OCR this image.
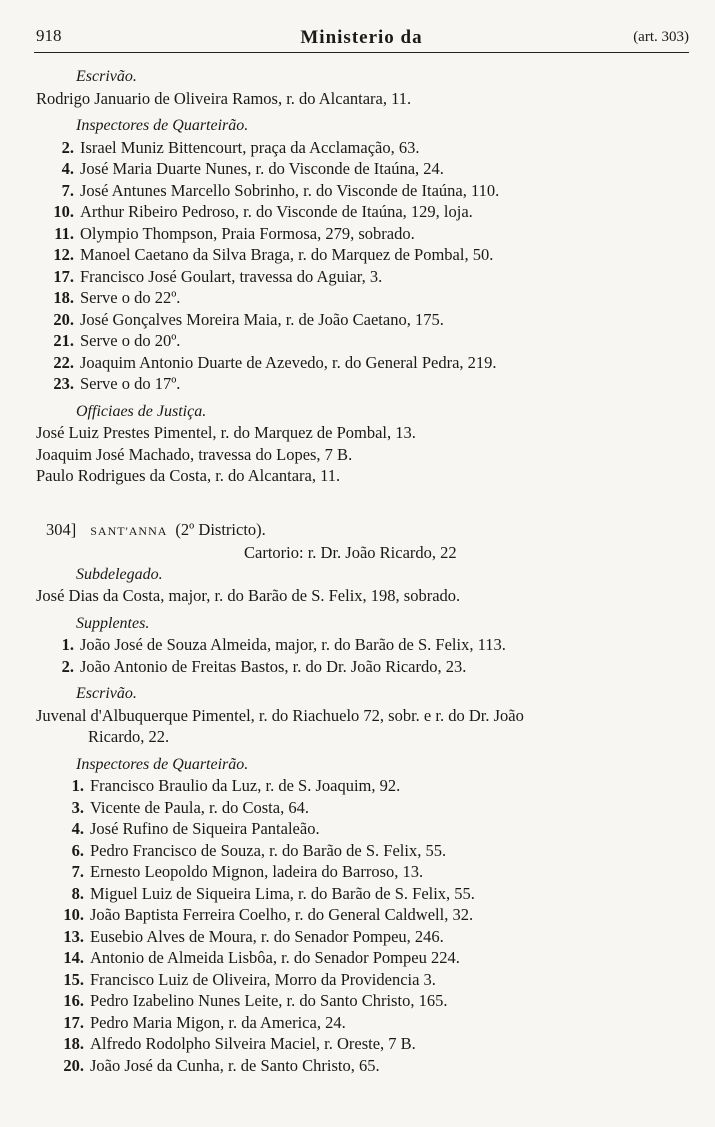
918	Ministerio da	(art. 303)
Escrivão.
Rodrigo Januario de Oliveira Ramos, r. do Alcantara, 11.
Inspectores de Quarteirão.
2. Israel Muniz Bittencourt, praça da Acclamação, 63.
4. José Maria Duarte Nunes, r. do Visconde de Itaúna, 24.
7. José Antunes Marcello Sobrinho, r. do Visconde de Itaúna, 110.
10. Arthur Ribeiro Pedroso, r. do Visconde de Itaúna, 129, loja.
11. Olympio Thompson, Praia Formosa, 279, sobrado.
12. Manoel Caetano da Silva Braga, r. do Marquez de Pombal, 50.
17. Francisco José Goulart, travessa do Aguiar, 3.
18. Serve o do 22º.
20. José Gonçalves Moreira Maia, r. de João Caetano, 175.
21. Serve o do 20º.
22. Joaquim Antonio Duarte de Azevedo, r. do General Pedra, 219.
23. Serve o do 17º.
Officiaes de Justiça.
José Luiz Prestes Pimentel, r. do Marquez de Pombal, 13.
Joaquim José Machado, travessa do Lopes, 7 B.
Paulo Rodrigues da Costa, r. do Alcantara, 11.
304]	SANT'ANNA (2º Districto).
Cartorio: r. Dr. João Ricardo, 22
Subdelegado.
José Dias da Costa, major, r. do Barão de S. Felix, 198, sobrado.
Supplentes.
1. João José de Souza Almeida, major, r. do Barão de S. Felix, 113.
2. João Antonio de Freitas Bastos, r. do Dr. João Ricardo, 23.
Escrivão.
Juvenal d'Albuquerque Pimentel, r. do Riachuelo 72, sobr. e r. do Dr. João
Ricardo, 22.
Inspectores de Quarteirão.
1. Francisco Braulio da Luz, r. de S. Joaquim, 92.
3. Vicente de Paula, r. do Costa, 64.
4. José Rufino de Siqueira Pantaleão.
6. Pedro Francisco de Souza, r. do Barão de S. Felix, 55.
7. Ernesto Leopoldo Mignon, ladeira do Barroso, 13.
8. Miguel Luiz de Siqueira Lima, r. do Barão de S. Felix, 55.
10. João Baptista Ferreira Coelho, r. do General Caldwell, 32.
13. Eusebio Alves de Moura, r. do Senador Pompeu, 246.
14. Antonio de Almeida Lisbôa, r. do Senador Pompeu 224.
15. Francisco Luiz de Oliveira, Morro da Providencia 3.
16. Pedro Izabelino Nunes Leite, r. do Santo Christo, 165.
17. Pedro Maria Migon, r. da America, 24.
18. Alfredo Rodolpho Silveira Maciel, r. Oreste, 7 B.
20. João José da Cunha, r. de Santo Christo, 65.
